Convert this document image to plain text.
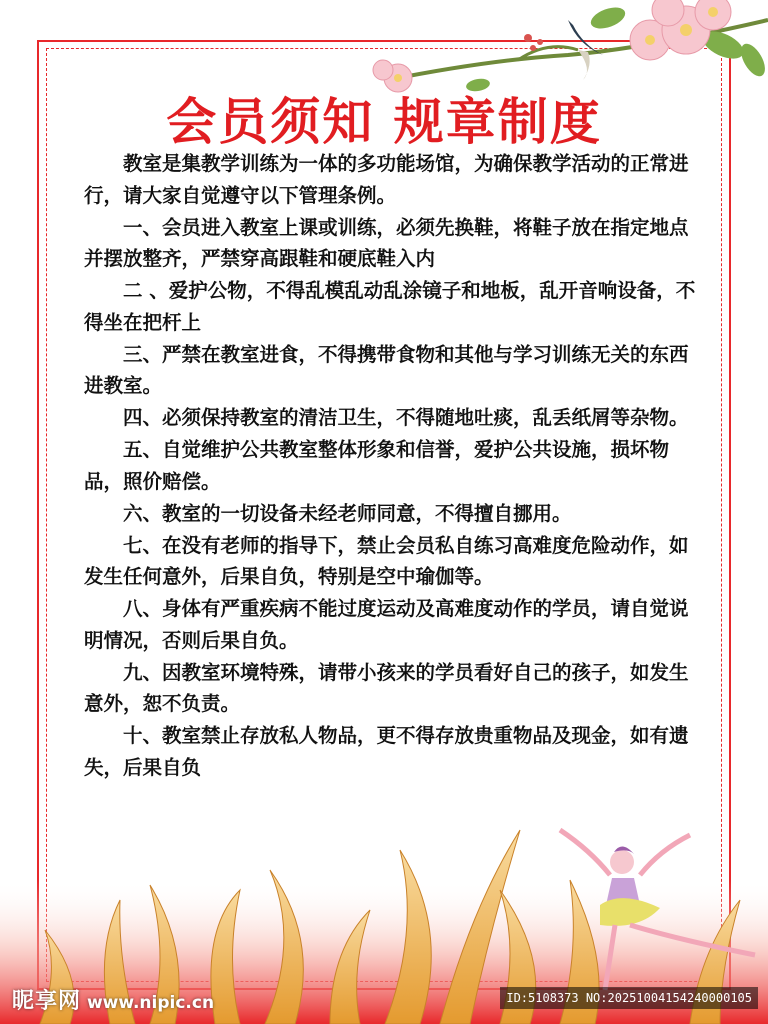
会员须知 规章制度

教室是集教学训练为一体的多功能场馆，为确保教学活动的正常进行，请大家自觉遵守以下管理条例。

一、会员进入教室上课或训练，必须先换鞋，将鞋子放在指定地点并摆放整齐，严禁穿高跟鞋和硬底鞋入内

二 、爱护公物，不得乱模乱动乱涂镜子和地板，乱开音响设备，不得坐在把杆上

三、严禁在教室进食，不得携带食物和其他与学习训练无关的东西进教室。

四、必须保持教室的清洁卫生，不得随地吐痰，乱丢纸屑等杂物。

五、自觉维护公共教室整体形象和信誉，爱护公共设施，损坏物品，照价赔偿。

六、教室的一切设备未经老师同意，不得擅自挪用。

七、在没有老师的指导下，禁止会员私自练习高难度危险动作，如发生任何意外，后果自负，特别是空中瑜伽等。

八、身体有严重疾病不能过度运动及高难度动作的学员，请自觉说明情况，否则后果自负。

九、因教室环境特殊，请带小孩来的学员看好自己的孩子，如发生意外，恕不负责。

十、教室禁止存放私人物品，更不得存放贵重物品及现金，如有遗失，后果自负

昵享网 www.nipic.cn	ID:5108373 NO:20251004154240000105
